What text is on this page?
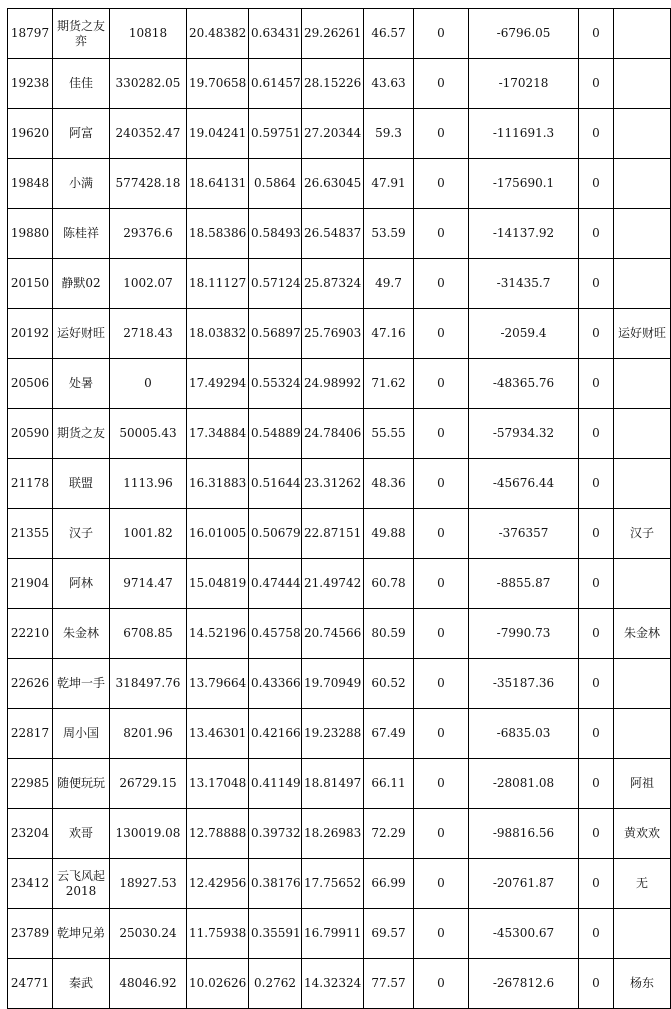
18797	期货之友弈	10818	20.48382	0.63431	29.26261	46.57	0	-6796.05	0	
19238	佳佳	330282.05	19.70658	0.61457	28.15226	43.63	0	-170218	0	
19620	阿富	240352.47	19.04241	0.59751	27.20344	59.3	0	-111691.3	0	
19848	小满	577428.18	18.64131	0.5864	26.63045	47.91	0	-175690.1	0	
19880	陈桂祥	29376.6	18.58386	0.58493	26.54837	53.59	0	-14137.92	0	
20150	静默02	1002.07	18.11127	0.57124	25.87324	49.7	0	-31435.7	0	
20192	运好财旺	2718.43	18.03832	0.56897	25.76903	47.16	0	-2059.4	0	运好财旺
20506	处暑	0	17.49294	0.55324	24.98992	71.62	0	-48365.76	0	
20590	期货之友	50005.43	17.34884	0.54889	24.78406	55.55	0	-57934.32	0	
21178	联盟	1113.96	16.31883	0.51644	23.31262	48.36	0	-45676.44	0	
21355	汉子	1001.82	16.01005	0.50679	22.87151	49.88	0	-376357	0	汉子
21904	阿林	9714.47	15.04819	0.47444	21.49742	60.78	0	-8855.87	0	
22210	朱金林	6708.85	14.52196	0.45758	20.74566	80.59	0	-7990.73	0	朱金林
22626	乾坤一手	318497.76	13.79664	0.43366	19.70949	60.52	0	-35187.36	0	
22817	周小国	8201.96	13.46301	0.42166	19.23288	67.49	0	-6835.03	0	
22985	随便玩玩	26729.15	13.17048	0.41149	18.81497	66.11	0	-28081.08	0	阿祖
23204	欢哥	130019.08	12.78888	0.39732	18.26983	72.29	0	-98816.56	0	黄欢欢
23412	云飞风起2018	18927.53	12.42956	0.38176	17.75652	66.99	0	-20761.87	0	无
23789	乾坤兄弟	25030.24	11.75938	0.35591	16.79911	69.57	0	-45300.67	0	
24771	秦武	48046.92	10.02626	0.2762	14.32324	77.57	0	-267812.6	0	杨东
